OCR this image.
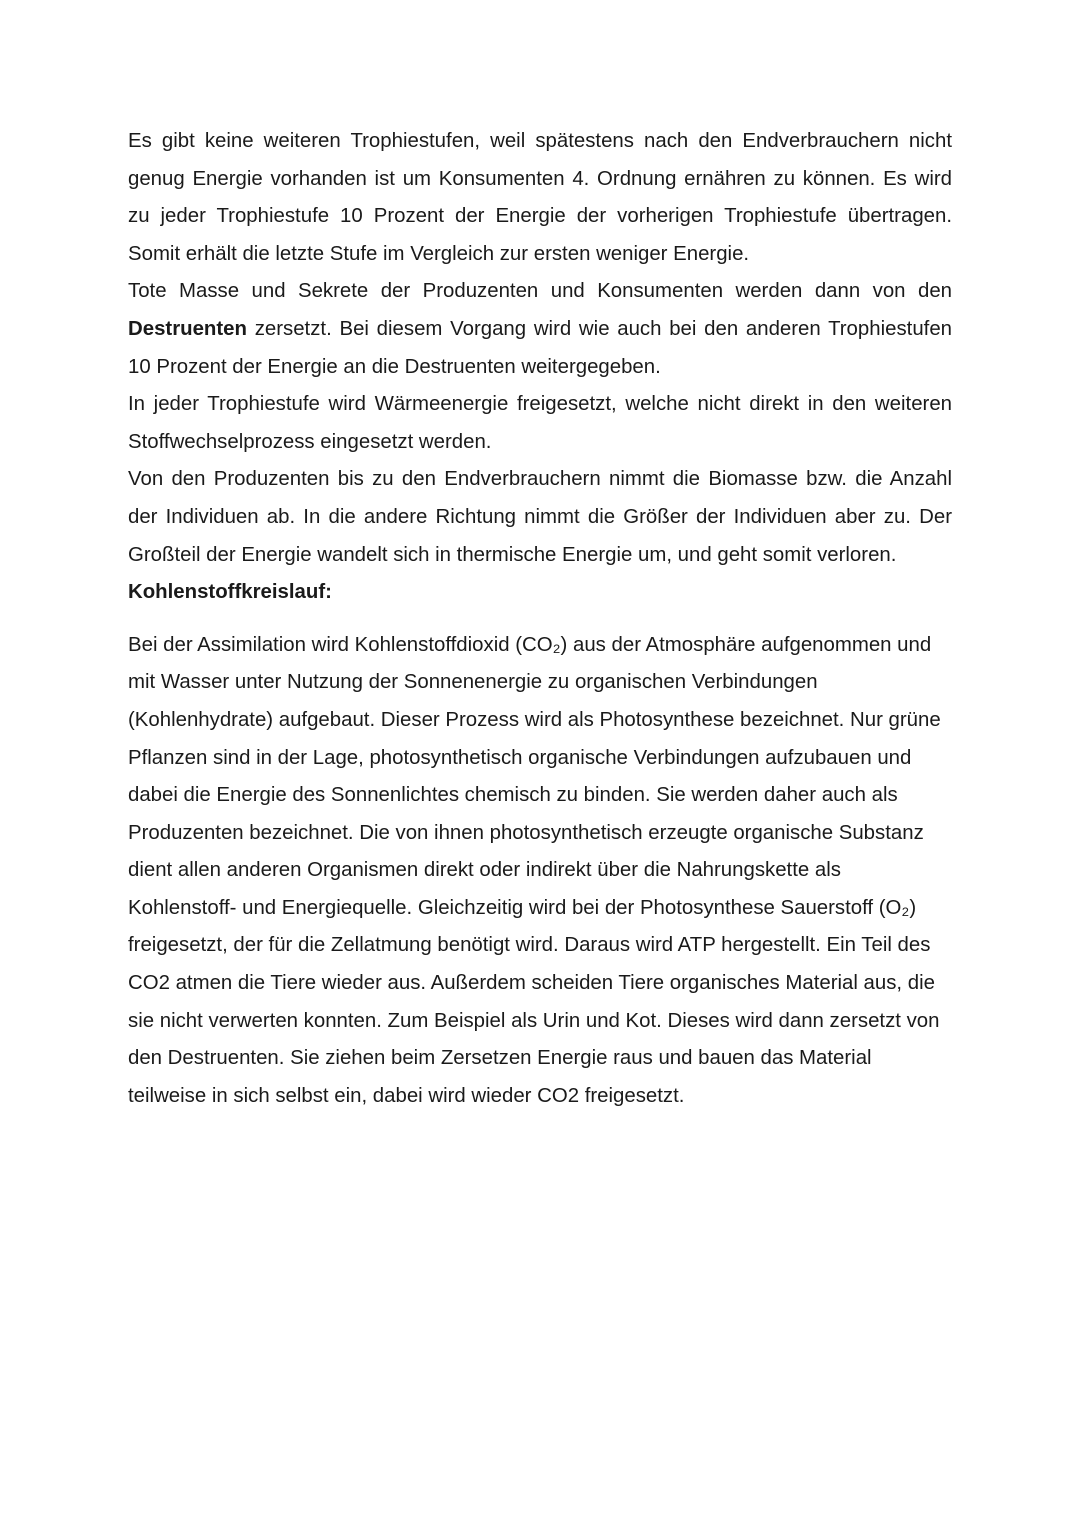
Es gibt keine weiteren Trophiestufen, weil spätestens nach den Endverbrauchern nicht genug Energie vorhanden ist um Konsumenten 4. Ordnung ernähren zu können. Es wird zu jeder Trophiestufe 10 Prozent der Energie der vorherigen Trophiestufe übertragen. Somit erhält die letzte Stufe im Vergleich zur ersten weniger Energie.

Tote Masse und Sekrete der Produzenten und Konsumenten werden dann von den Destruenten zersetzt. Bei diesem Vorgang wird wie auch bei den anderen Trophiestufen 10 Prozent der Energie an die Destruenten weitergegeben.

In jeder Trophiestufe wird Wärmeenergie freigesetzt, welche nicht direkt in den weiteren Stoffwechselprozess eingesetzt werden.

Von den Produzenten bis zu den Endverbrauchern nimmt die Biomasse bzw. die Anzahl der Individuen ab. In die andere Richtung nimmt die Größer der Individuen aber zu. Der Großteil der Energie wandelt sich in thermische Energie um, und geht somit verloren.

Kohlenstoffkreislauf:

Bei der Assimilation wird Kohlenstoffdioxid (CO₂) aus der Atmosphäre aufgenommen und mit Wasser unter Nutzung der Sonnenenergie zu organischen Verbindungen (Kohlenhydrate) aufgebaut. Dieser Prozess wird als Photosynthese bezeichnet. Nur grüne Pflanzen sind in der Lage, photosynthetisch organische Verbindungen aufzubauen und dabei die Energie des Sonnenlichtes chemisch zu binden. Sie werden daher auch als Produzenten bezeichnet. Die von ihnen photosynthetisch erzeugte organische Substanz dient allen anderen Organismen direkt oder indirekt über die Nahrungskette als Kohlenstoff- und Energiequelle. Gleichzeitig wird bei der Photosynthese Sauerstoff (O₂) freigesetzt, der für die Zellatmung benötigt wird. Daraus wird ATP hergestellt. Ein Teil des CO2 atmen die Tiere wieder aus. Außerdem scheiden Tiere organisches Material aus, die sie nicht verwerten konnten. Zum Beispiel als Urin und Kot. Dieses wird dann zersetzt von den Destruenten. Sie ziehen beim Zersetzen Energie raus und bauen das Material teilweise in sich selbst ein, dabei wird wieder CO2 freigesetzt.
